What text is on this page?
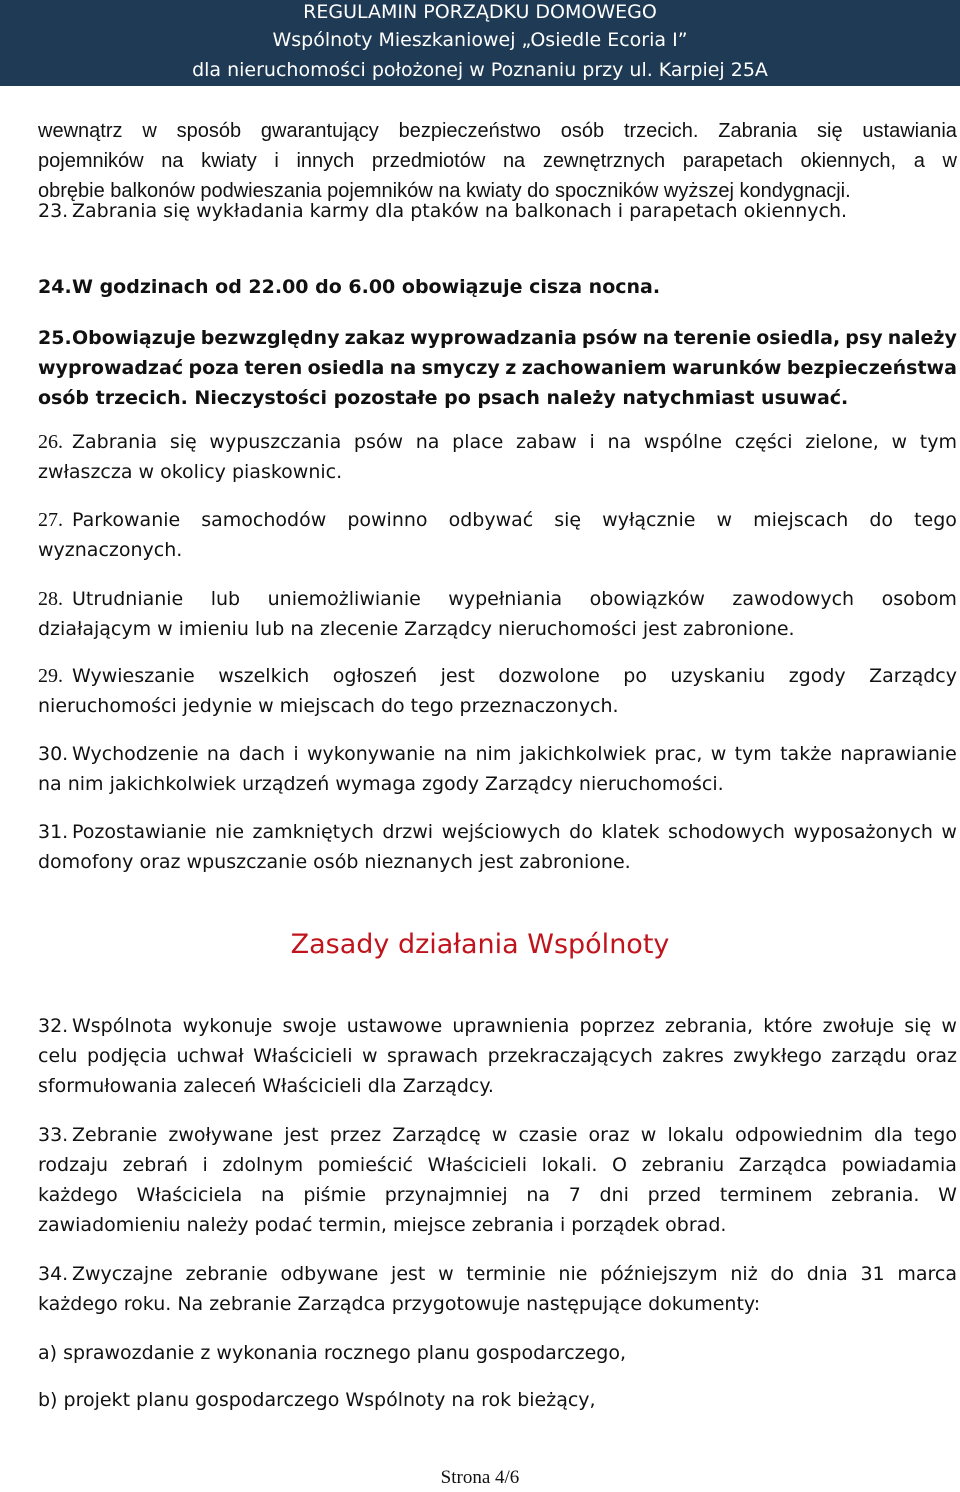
REGULAMIN PORZĄDKU DOMOWEGO
Wspólnoty Mieszkaniowej „Osiedle Ecoria I”
dla nieruchomości położonej w Poznaniu przy ul. Karpiej 25A
wewnątrz w sposób gwarantujący bezpieczeństwo osób trzecich. Zabrania się ustawiania
pojemników na kwiaty i innych przedmiotów na zewnętrznych parapetach okiennych, a w
obrębie balkonów podwieszania pojemników na kwiaty do spoczników wyższej kondygnacji.
23. Zabrania się wykładania karmy dla ptaków na balkonach i parapetach okiennych.
24. W godzinach od 22.00 do 6.00 obowiązuje cisza nocna.
25. Obowiązuje bezwzględny zakaz wyprowadzania psów na terenie osiedla, psy należy
wyprowadzać poza teren osiedla na smyczy z zachowaniem warunków bezpieczeństwa
osób trzecich. Nieczystości pozostałe po psach należy natychmiast usuwać.
26. Zabrania się wypuszczania psów na place zabaw i na wspólne części zielone, w tym
zwłaszcza w okolicy piaskownic.
27. Parkowanie samochodów powinno odbywać się wyłącznie w miejscach do tego
wyznaczonych.
28. Utrudnianie lub uniemożliwianie wypełniania obowiązków zawodowych osobom
działającym w imieniu lub na zlecenie Zarządcy nieruchomości jest zabronione.
29. Wywieszanie wszelkich ogłoszeń jest dozwolone po uzyskaniu zgody Zarządcy
nieruchomości jedynie w miejscach do tego przeznaczonych.
30. Wychodzenie na dach i wykonywanie na nim jakichkolwiek prac, w tym także naprawianie
na nim jakichkolwiek urządzeń wymaga zgody Zarządcy nieruchomości.
31. Pozostawianie nie zamkniętych drzwi wejściowych do klatek schodowych wyposażonych w
domofony oraz wpuszczanie osób nieznanych jest zabronione.
32. Wspólnota wykonuje swoje ustawowe uprawnienia poprzez zebrania, które zwołuje się w
celu podjęcia uchwał Właścicieli w sprawach przekraczających zakres zwykłego zarządu oraz
sformułowania zaleceń Właścicieli dla Zarządcy.
33. Zebranie zwoływane jest przez Zarządcę w czasie oraz w lokalu odpowiednim dla tego
rodzaju zebrań i zdolnym pomieścić Właścicieli lokali. O zebraniu Zarządca powiadamia
każdego Właściciela na piśmie przynajmniej na 7 dni przed terminem zebrania. W
zawiadomieniu należy podać termin, miejsce zebrania i porządek obrad.
34. Zwyczajne zebranie odbywane jest w terminie nie późniejszym niż do dnia 31 marca
każdego roku. Na zebranie Zarządca przygotowuje następujące dokumenty:
a) sprawozdanie z wykonania rocznego planu gospodarczego,
b) projekt planu gospodarczego Wspólnoty na rok bieżący,
Zasady działania Wspólnoty
Strona 4/6
